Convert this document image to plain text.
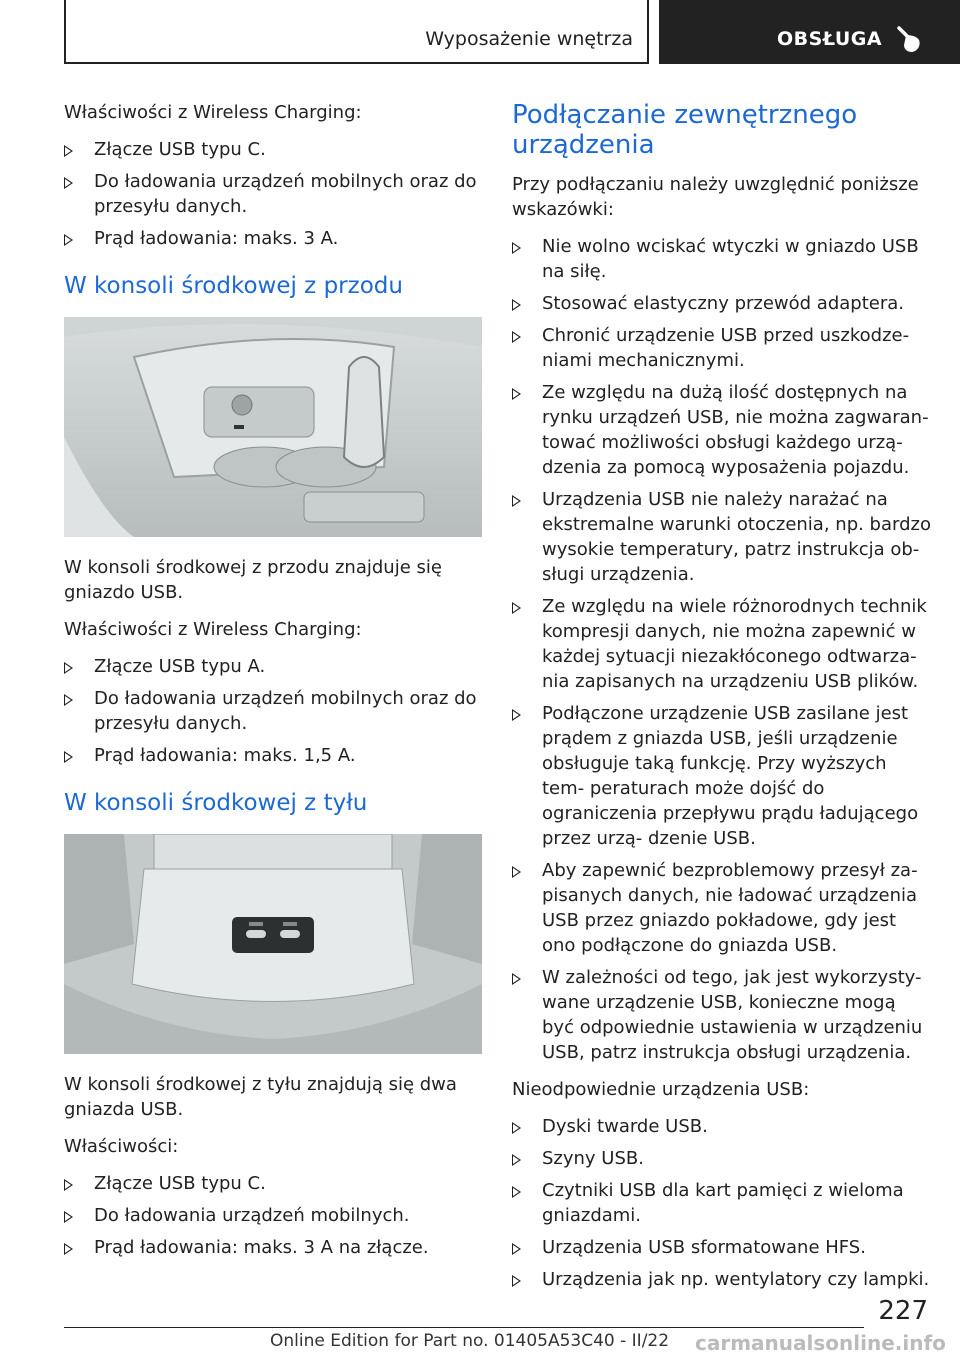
Wyposażenie wnętrza	OBSŁUGA

Właściwości z Wireless Charging:

Złącze USB typu C.
Do ładowania urządzeń mobilnych oraz do przesyłu danych.
Prąd ładowania: maks. 3 A.
W konsoli środkowej z przodu

W konsoli środkowej z przodu znajduje się gniazdo USB.

Właściwości z Wireless Charging:

Złącze USB typu A.
Do ładowania urządzeń mobilnych oraz do przesyłu danych.
Prąd ładowania: maks. 1,5 A.
W konsoli środkowej z tyłu

W konsoli środkowej z tyłu znajdują się dwa gniazda USB.

Właściwości:

Złącze USB typu C.
Do ładowania urządzeń mobilnych.
Prąd ładowania: maks. 3 A na złącze.
Podłączanie zewnętrznego urządzenia

Przy podłączaniu należy uwzględnić poniższe wskazówki:

Nie wolno wciskać wtyczki w gniazdo USB na siłę.
Stosować elastyczny przewód adaptera.
Chronić urządzenie USB przed uszkodze- niami mechanicznymi.
Ze względu na dużą ilość dostępnych na rynku urządzeń USB, nie można zagwaran- tować możliwości obsługi każdego urzą- dzenia za pomocą wyposażenia pojazdu.
Urządzenia USB nie należy narażać na ekstremalne warunki otoczenia, np. bardzo wysokie temperatury, patrz instrukcja ob- sługi urządzenia.
Ze względu na wiele różnorodnych technik kompresji danych, nie można zapewnić w każdej sytuacji niezakłóconego odtwarza- nia zapisanych na urządzeniu USB plików.
Podłączone urządzenie USB zasilane jest prądem z gniazda USB, jeśli urządzenie obsługuje taką funkcję. Przy wyższych tem- peraturach może dojść do ograniczenia przepływu prądu ładującego przez urzą- dzenie USB.
Aby zapewnić bezproblemowy przesył za- pisanych danych, nie ładować urządzenia USB przez gniazdo pokładowe, gdy jest ono podłączone do gniazda USB.
W zależności od tego, jak jest wykorzysty- wane urządzenie USB, konieczne mogą być odpowiednie ustawienia w urządzeniu USB, patrz instrukcja obsługi urządzenia.

Nieodpowiednie urządzenia USB:

Dyski twarde USB.
Szyny USB.
Czytniki USB dla kart pamięci z wieloma gniazdami.
Urządzenia USB sformatowane HFS.
Urządzenia jak np. wentylatory czy lampki.
227
Online Edition for Part no. 01405A53C40 - II/22 carmanualsonline.info
